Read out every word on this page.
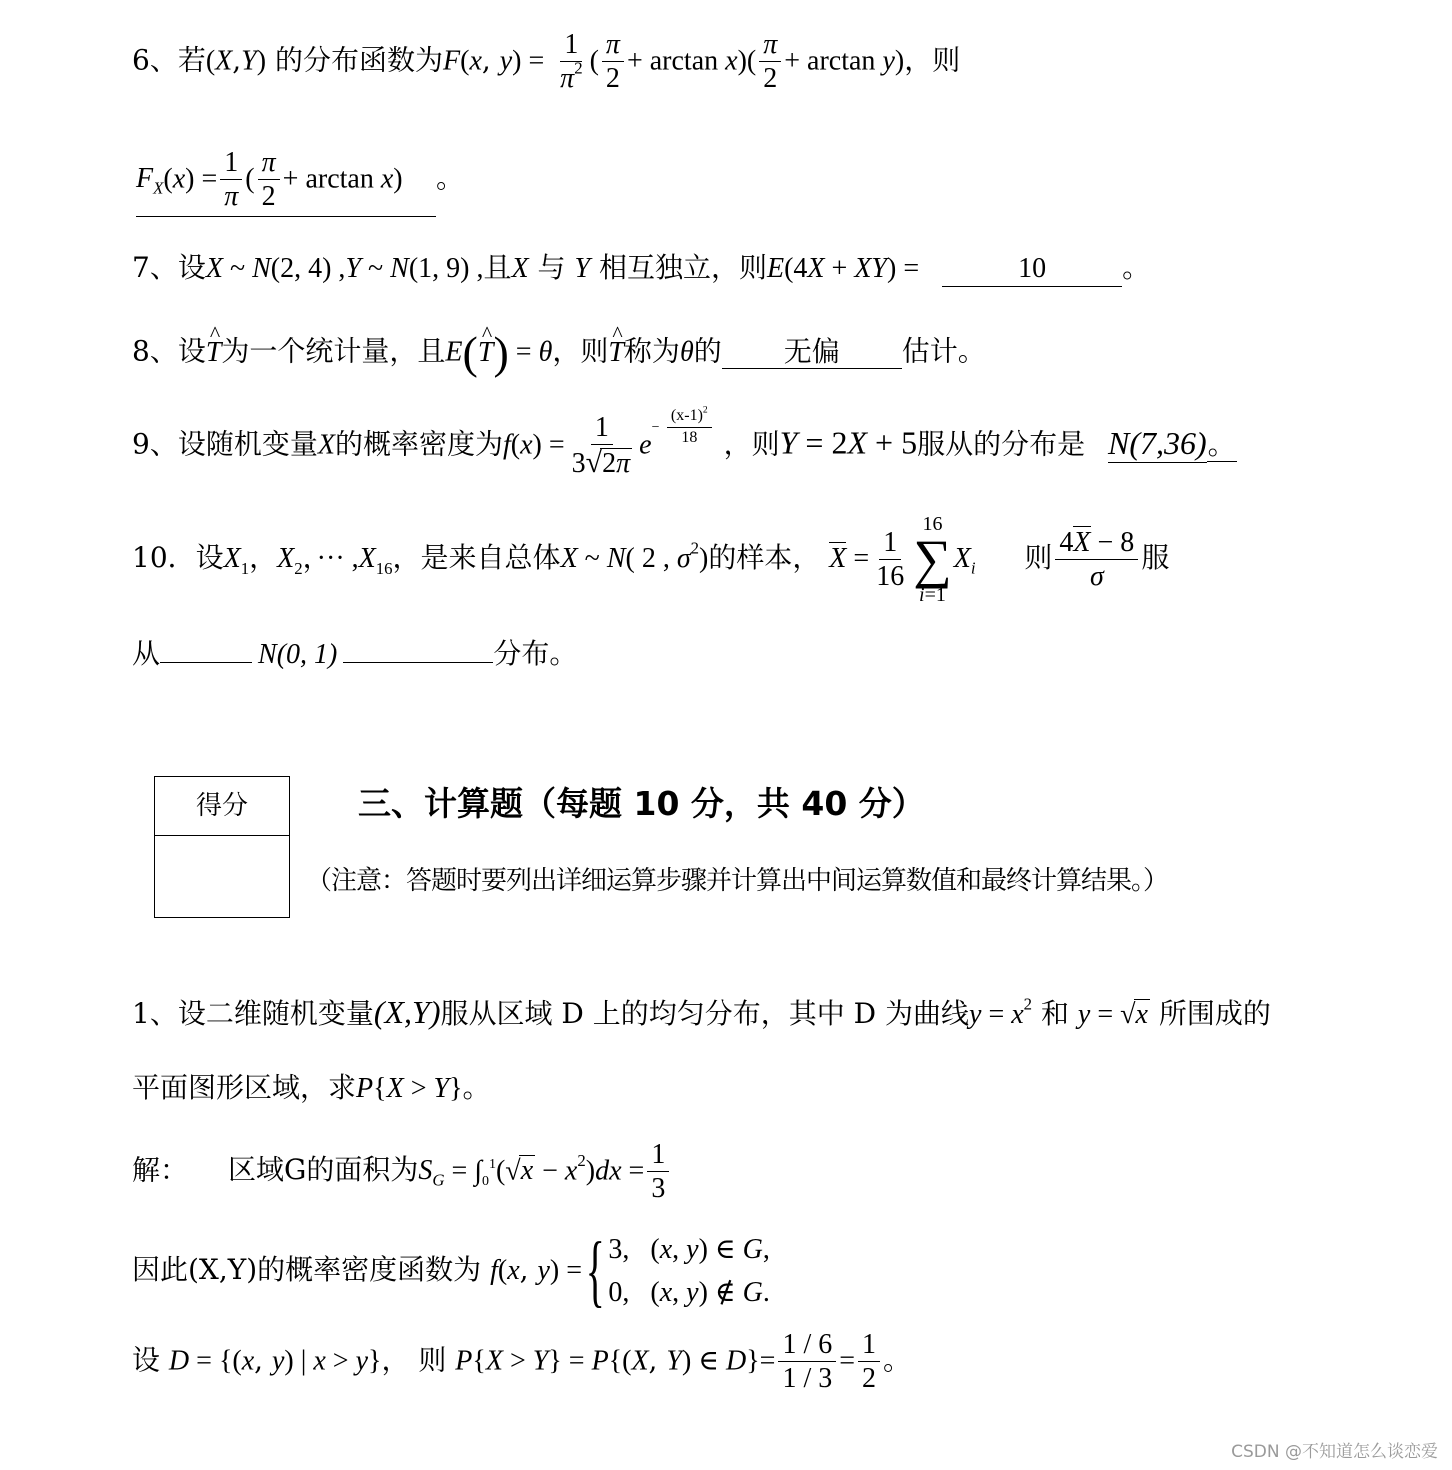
6、若(X,Y) 的分布函数为F(x, $y) = \frac{1}{\pi^2}$ ( $\frac{\pi}{2} + \arctan x)( \frac{\pi}{2} + \arctan y)$，则
$F_X(x) = \frac{1}{\pi}$ ( $\frac{\pi}{2} + \arctan x$) 。
7、设X ~ N(2, 4) ,Y ~ N(1, 9) ,且X 与 Y 相互独立，则E(4X + XY) =	10	。
8、设^ T为一个统计量，且E(^ T) = θ，则^ T称为θ的 无偏 估计。
9、设随机变量X的概率密度为$f(x) = \frac{1}{3√2\pi} e^{- \frac{(x-1)^2}{18}}$ ，则Y = 2X + 5服从的分布是 N(7,36)。
10．设$X_1$，$X_2$，··· $,X_{16}$，是来自总体X ~ N( 2 , $\sigma^2$)的样本， $X = \frac{1}{16}$
16
∑
i=1
$X_i$ 则 $\frac{4X - 8}{\sigma}$ 服
从	N(0, 1)	分布。
得分	三、计算题（每题 10 分，共 40 分）
（注意：答题时要列出详细运算步骤并计算出中间运算数值和最终计算结果。）
1、设二维随机变量(X,Y)服从区域 D 上的均匀分布，其中 D 为曲线$y = x^2$ 和 y = √x 所围成的
平面图形区域，求P{X > Y}。
解： 区域G的面积为$S_G = \int_0^1(√x - x^2)dx = \frac{1}{3}$
因此(X,Y)的概率密度函数为 f(x, y) ={ 3,   (x, y) ∈ G,
0,   (x, y) ∉ G.
设 D = {(x, y) | x > y}， 则 P{X > Y} = P{(X, Y) ∈ $D\}= \frac{1 / 6}{1 / 3} = \frac{1}{2}$ 。
CSDN @不知道怎么谈恋爱
